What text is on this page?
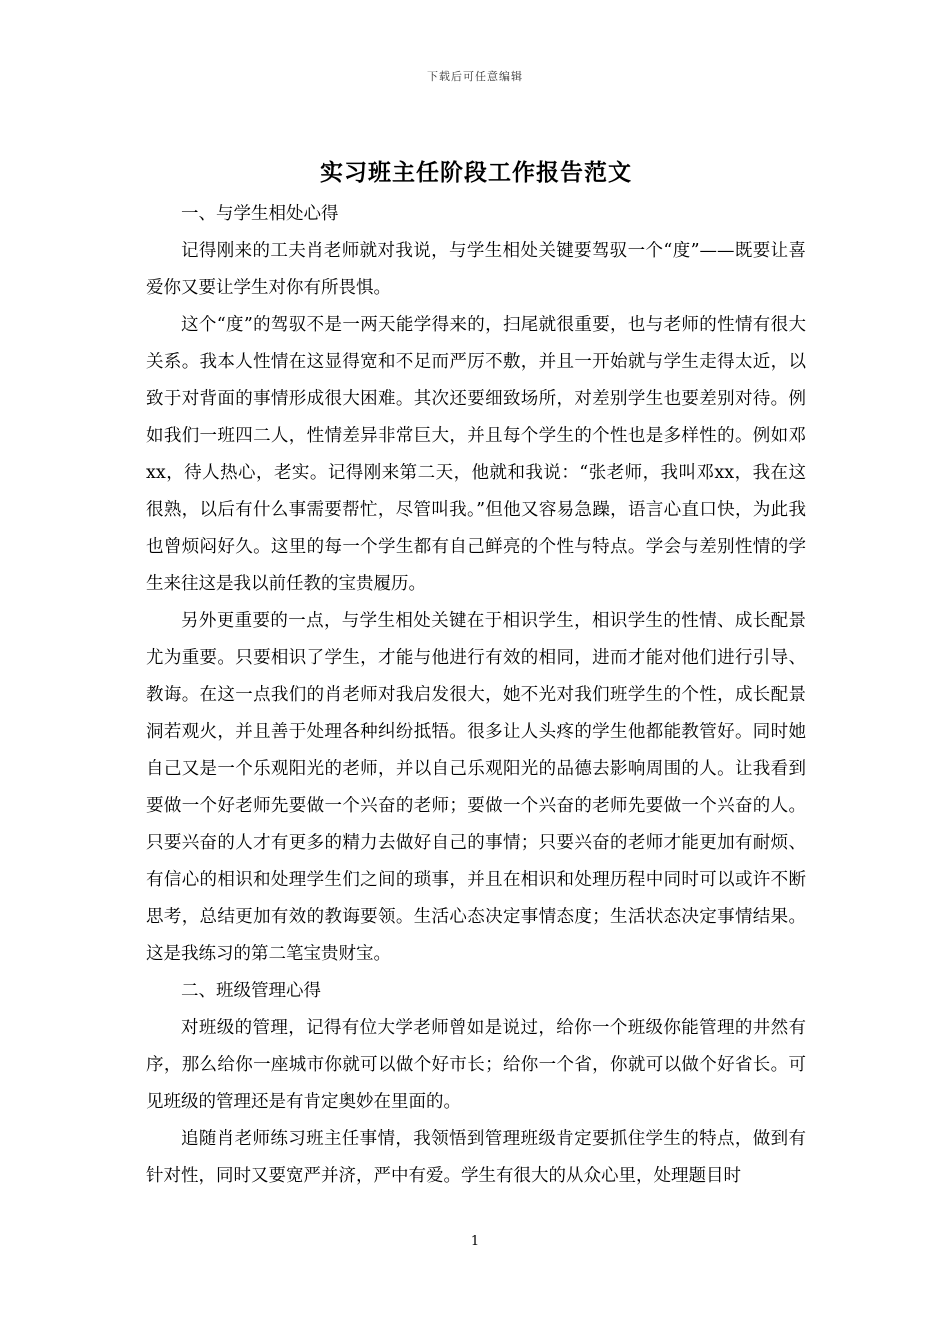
下载后可任意编辑
实习班主任阶段工作报告范文

一、与学生相处心得

记得刚来的工夫肖老师就对我说，与学生相处关键要驾驭一个“度”——既要让喜爱你又要让学生对你有所畏惧。

这个“度”的驾驭不是一两天能学得来的，扫尾就很重要，也与老师的性情有很大关系。我本人性情在这显得宽和不足而严厉不敷，并且一开始就与学生走得太近，以致于对背面的事情形成很大困难。其次还要细致场所，对差别学生也要差别对待。例如我们一班四二人，性情差异非常巨大，并且每个学生的个性也是多样性的。例如邓xx，待人热心，老实。记得刚来第二天，他就和我说：“张老师，我叫邓xx，我在这很熟，以后有什么事需要帮忙，尽管叫我。”但他又容易急躁，语言心直口快，为此我也曾烦闷好久。这里的每一个学生都有自己鲜亮的个性与特点。学会与差别性情的学生来往这是我以前任教的宝贵履历。

另外更重要的一点，与学生相处关键在于相识学生，相识学生的性情、成长配景尤为重要。只要相识了学生，才能与他进行有效的相同，进而才能对他们进行引导、教诲。在这一点我们的肖老师对我启发很大，她不光对我们班学生的个性，成长配景洞若观火，并且善于处理各种纠纷抵牾。很多让人头疼的学生他都能教管好。同时她自己又是一个乐观阳光的老师，并以自己乐观阳光的品德去影响周围的人。让我看到要做一个好老师先要做一个兴奋的老师；要做一个兴奋的老师先要做一个兴奋的人。只要兴奋的人才有更多的精力去做好自己的事情；只要兴奋的老师才能更加有耐烦、有信心的相识和处理学生们之间的琐事，并且在相识和处理历程中同时可以或许不断思考，总结更加有效的教诲要领。生活心态决定事情态度；生活状态决定事情结果。这是我练习的第二笔宝贵财宝。

二、班级管理心得

对班级的管理，记得有位大学老师曾如是说过，给你一个班级你能管理的井然有序，那么给你一座城市你就可以做个好市长；给你一个省，你就可以做个好省长。可见班级的管理还是有肯定奥妙在里面的。

追随肖老师练习班主任事情，我领悟到管理班级肯定要抓住学生的特点，做到有针对性，同时又要宽严并济，严中有爱。学生有很大的从众心里，处理题目时

1
